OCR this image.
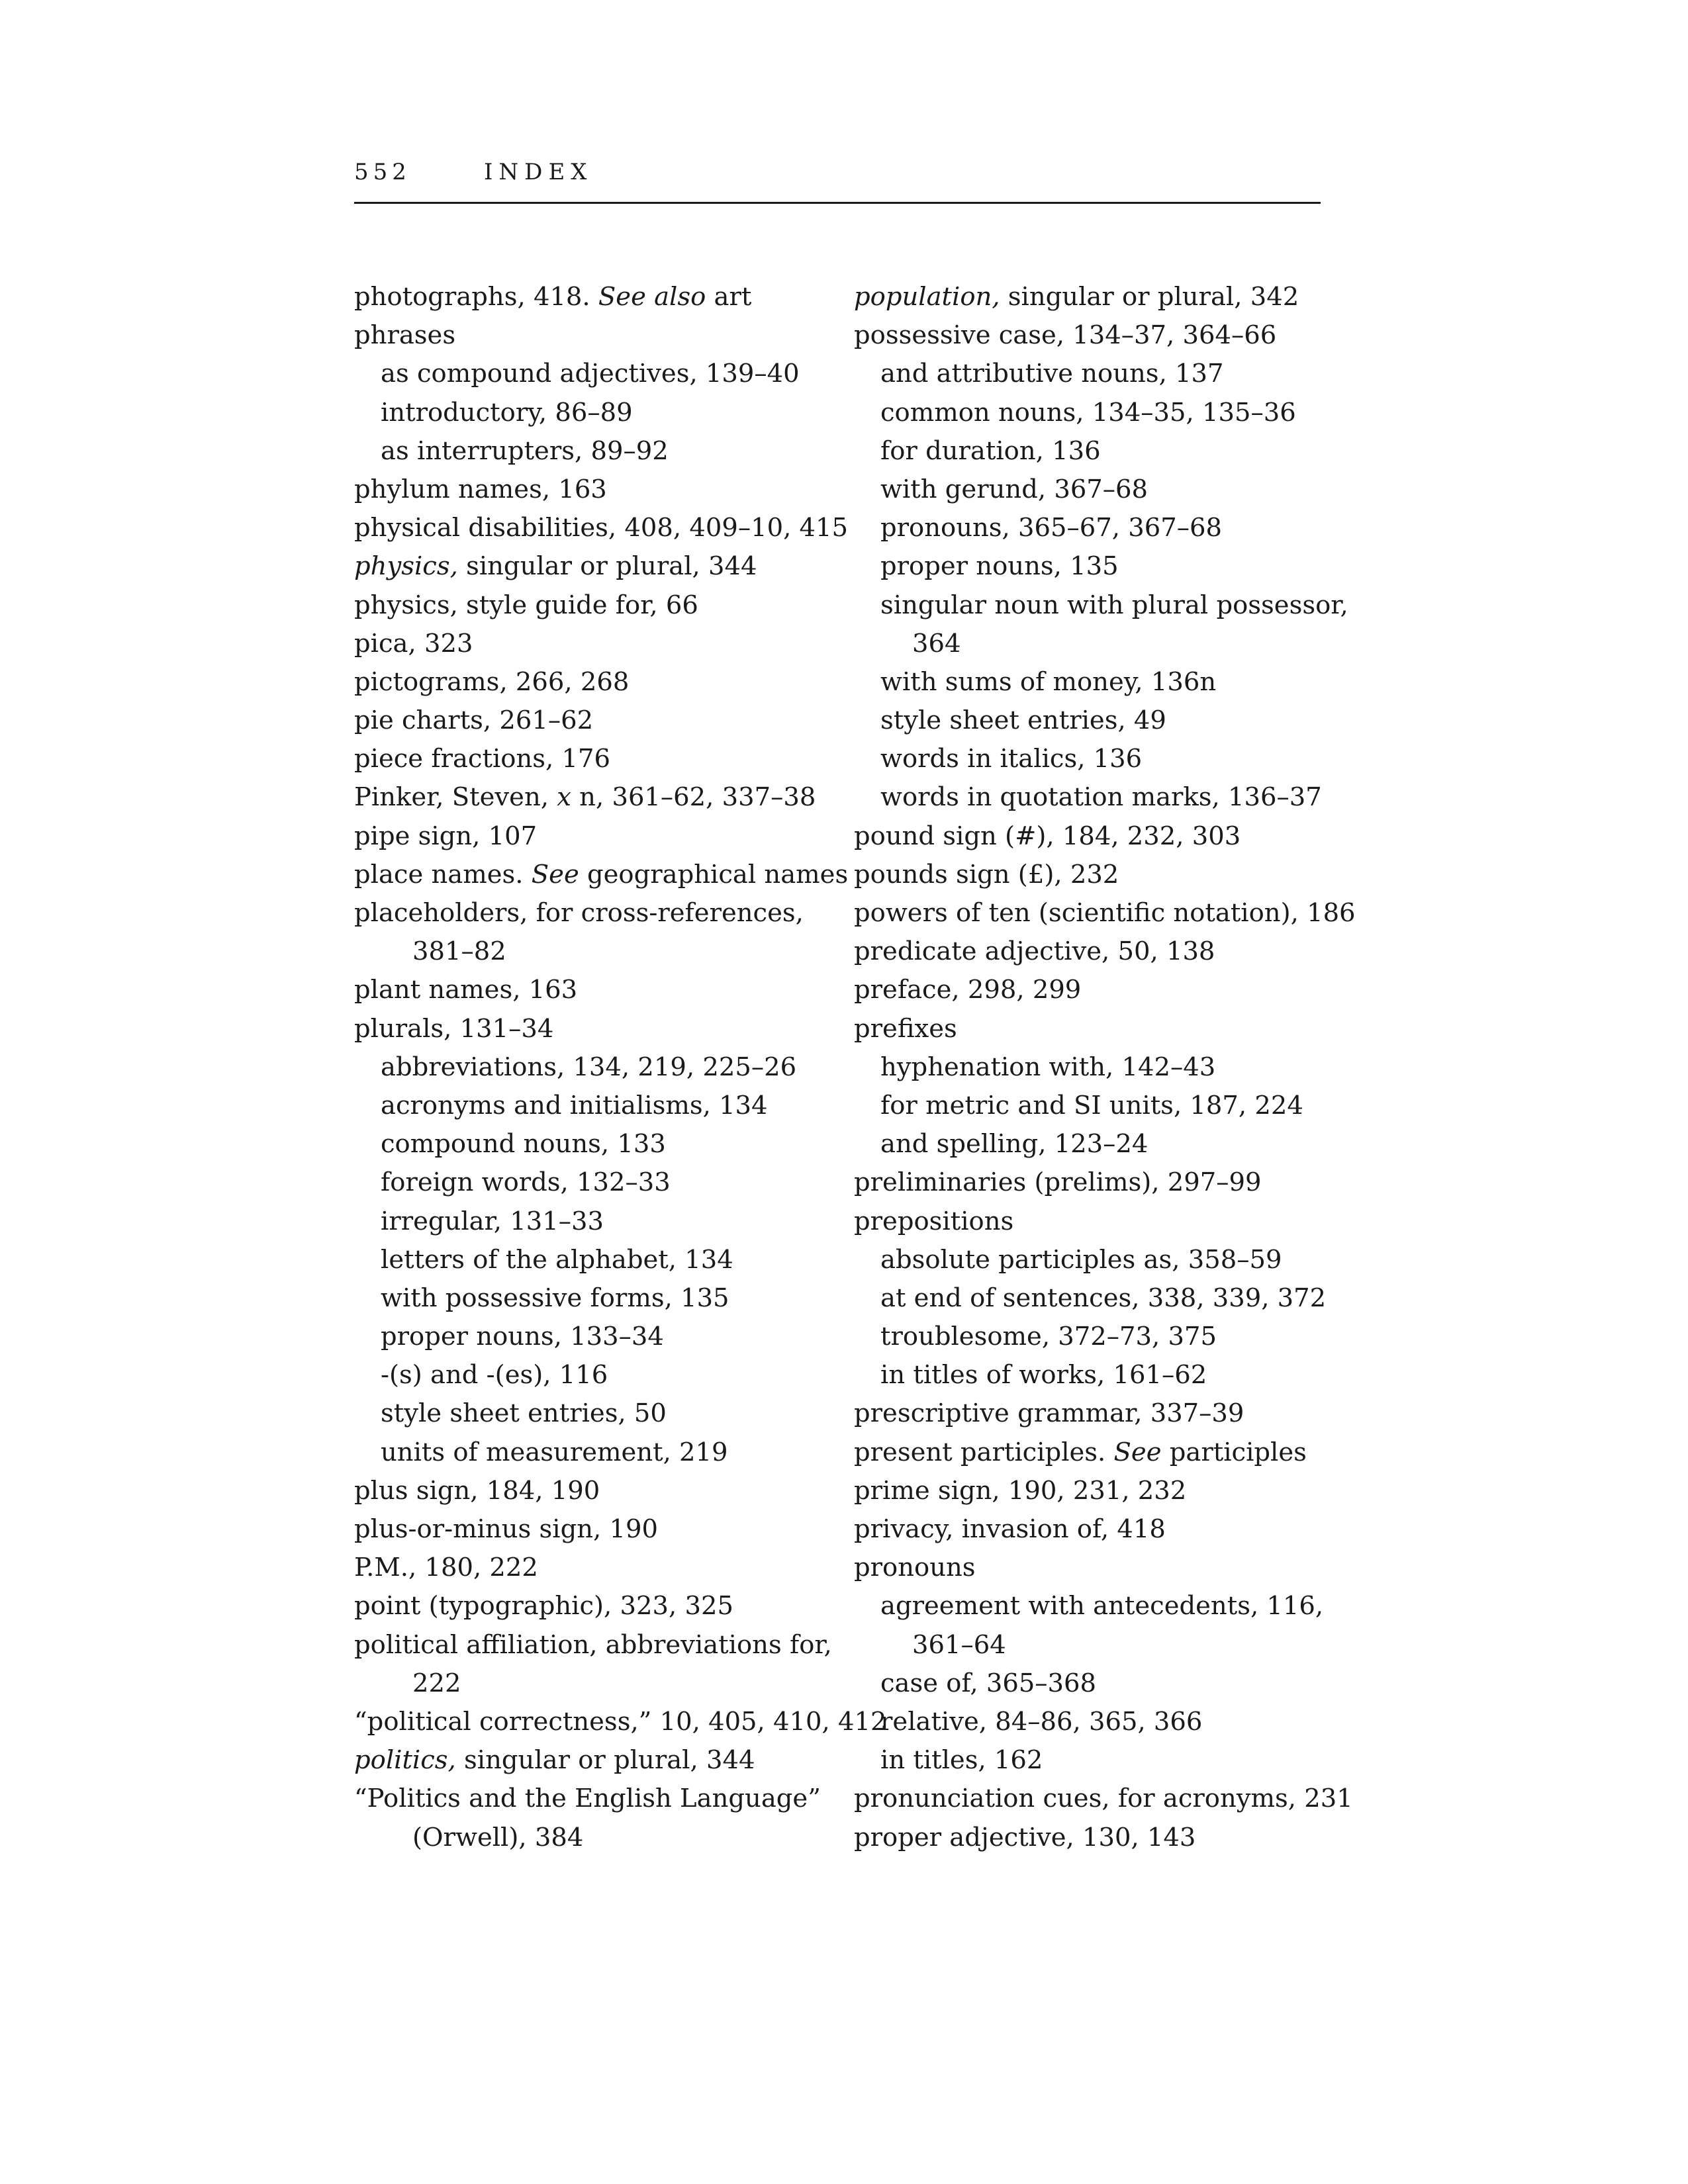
552	INDEX
photographs, 418. See also art
phrases
as compound adjectives, 139–40
introductory, 86–89
as interrupters, 89–92
phylum names, 163
physical disabilities, 408, 409–10, 415
physics, singular or plural, 344
physics, style guide for, 66
pica, 323
pictograms, 266, 268
pie charts, 261–62
piece fractions, 176
Pinker, Steven, x n, 361–62, 337–38
pipe sign, 107
place names. See geographical names
placeholders, for cross-references,
381–82
plant names, 163
plurals, 131–34
abbreviations, 134, 219, 225–26
acronyms and initialisms, 134
compound nouns, 133
foreign words, 132–33
irregular, 131–33
letters of the alphabet, 134
with possessive forms, 135
proper nouns, 133–34
-(s) and -(es), 116
style sheet entries, 50
units of measurement, 219
plus sign, 184, 190
plus-or-minus sign, 190
P.M., 180, 222
point (typographic), 323, 325
political affiliation, abbreviations for,
222
“political correctness,” 10, 405, 410, 412
politics, singular or plural, 344
“Politics and the English Language”
(Orwell), 384
population, singular or plural, 342
possessive case, 134–37, 364–66
and attributive nouns, 137
common nouns, 134–35, 135–36
for duration, 136
with gerund, 367–68
pronouns, 365–67, 367–68
proper nouns, 135
singular noun with plural possessor,
364
with sums of money, 136n
style sheet entries, 49
words in italics, 136
words in quotation marks, 136–37
pound sign (#), 184, 232, 303
pounds sign (£), 232
powers of ten (scientific notation), 186
predicate adjective, 50, 138
preface, 298, 299
prefixes
hyphenation with, 142–43
for metric and SI units, 187, 224
and spelling, 123–24
preliminaries (prelims), 297–99
prepositions
absolute participles as, 358–59
at end of sentences, 338, 339, 372
troublesome, 372–73, 375
in titles of works, 161–62
prescriptive grammar, 337–39
present participles. See participles
prime sign, 190, 231, 232
privacy, invasion of, 418
pronouns
agreement with antecedents, 116,
361–64
case of, 365–368
relative, 84–86, 365, 366
in titles, 162
pronunciation cues, for acronyms, 231
proper adjective, 130, 143
